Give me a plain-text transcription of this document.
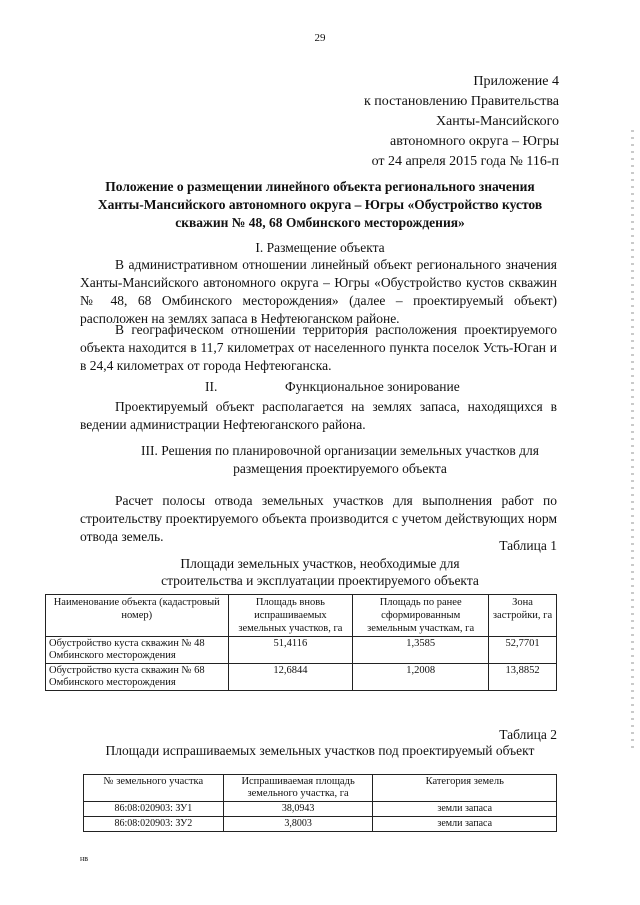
29
Приложение 4
к постановлению Правительства
Ханты-Мансийского
автономного округа – Югры
от 24 апреля 2015 года № 116-п
Положение о размещении линейного объекта регионального значения
Ханты-Мансийского автономного округа – Югры «Обустройство кустов
скважин № 48, 68 Омбинского месторождения»
I. Размещение объекта
В административном отношении линейный объект регионального значения Ханты-Мансийского автономного округа – Югры «Обустройство кустов скважин № 48, 68 Омбинского месторождения» (далее – проектируемый объект) расположен на землях запаса в Нефтеюганском районе.
В географическом отношении территория расположения проектируемого объекта находится в 11,7 километрах от населенного пункта поселок Усть-Юган и в 24,4 километрах от города Нефтеюганска.
II.	Функциональное зонирование
Проектируемый объект располагается на землях запаса, находящихся в ведении администрации Нефтеюганского района.
III. Решения по планировочной организации земельных участков для
размещения проектируемого объекта
Расчет полосы отвода земельных участков для выполнения работ по строительству проектируемого объекта производится с учетом действующих норм отвода земель.
Таблица 1
Площади земельных участков, необходимые для
строительства и эксплуатации проектируемого объекта
Наименование объекта (кадастровый номер)	Площадь вновь испрашиваемых земельных участков, га	Площадь по ранее сформированным земельным участкам, га	Зона застройки, га
Обустройство куста скважин № 48 Омбинского месторождения	51,4116	1,3585	52,7701
Обустройство куста скважин № 68 Омбинского месторождения	12,6844	1,2008	13,8852
Таблица 2
Площади испрашиваемых земельных участков под проектируемый объект
№ земельного участка	Испрашиваемая площадь земельного участка, га	Категория земель
86:08:020903: ЗУ1	38,0943	земли запаса
86:08:020903: ЗУ2	3,8003	земли запаса
нв
